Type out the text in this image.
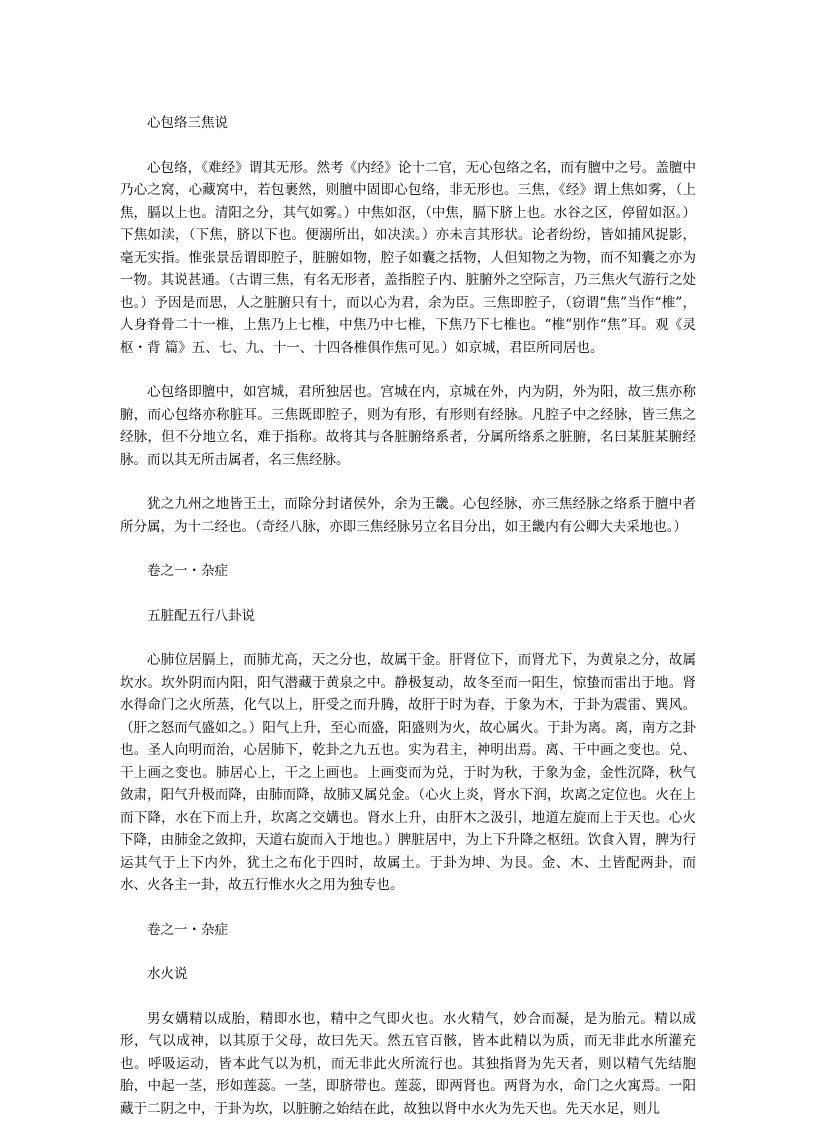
心包络三焦说

心包络，《难经》谓其无形。然考《内经》论十二官，无心包络之名，而有膻中之号。盖膻中乃心之窝，心藏窝中，若包裹然，则膻中固即心包络，非无形也。三焦，《经》谓上焦如雾，（上焦，膈以上也。清阳之分，其气如雾。）中焦如沤，（中焦，膈下脐上也。水谷之区，停留如沤。）下焦如渎，（下焦，脐以下也。便溺所出，如决渎。）亦未言其形状。论者纷纷，皆如捕风捉影，毫无实指。惟张景岳谓即腔子，脏腑如物，腔子如囊之括物，人但知物之为物，而不知囊之亦为一物。其说甚通。（古谓三焦，有名无形者，盖指腔子内、脏腑外之空际言，乃三焦火气游行之处也。）予因是而思，人之脏腑只有十，而以心为君，余为臣。三焦即腔子，（窃谓“焦”当作“椎”，人身脊骨二十一椎，上焦乃上七椎，中焦乃中七椎，下焦乃下七椎也。“椎”别作“焦”耳。观《灵枢・背 篇》五、七、九、十一、十四各椎俱作焦可见。）如京城，君臣所同居也。

心包络即膻中，如宫城，君所独居也。宫城在内，京城在外，内为阴，外为阳，故三焦亦称腑，而心包络亦称脏耳。三焦既即腔子，则为有形，有形则有经脉。凡腔子中之经脉，皆三焦之经脉，但不分地立名，难于指称。故将其与各脏腑络系者，分属所络系之脏腑，名曰某脏某腑经脉。而以其无所击属者，名三焦经脉。

犹之九州之地皆王土，而除分封诸侯外，余为王畿。心包经脉，亦三焦经脉之络系于膻中者所分属，为十二经也。（奇经八脉，亦即三焦经脉另立名目分出，如王畿内有公卿大夫采地也。）

卷之一・杂症

五脏配五行八卦说

心肺位居膈上，而肺尤高，天之分也，故属干金。肝肾位下，而肾尤下，为黄泉之分，故属坎水。坎外阴而内阳，阳气潜藏于黄泉之中。静极复动，故冬至而一阳生，惊蛰而雷出于地。肾水得命门之火所蒸，化气以上，肝受之而升腾，故肝于时为春，于象为木，于卦为震雷、巽风。（肝之怒而气盛如之。）阳气上升，至心而盛，阳盛则为火，故心属火。于卦为离。离，南方之卦也。圣人向明而治，心居肺下，乾卦之九五也。实为君主，神明出焉。离、干中画之变也。兑、干上画之变也。肺居心上，干之上画也。上画变而为兑，于时为秋，于象为金，金性沉降，秋气敛肃，阳气升极而降，由肺而降，故肺又属兑金。（心火上炎，肾水下润，坎离之定位也。火在上而下降，水在下而上升，坎离之交媾也。肾水上升，由肝木之汲引，地道左旋而上于天也。心火下降，由肺金之敛抑，天道右旋而入于地也。）脾脏居中，为上下升降之枢纽。饮食入胃，脾为行运其气于上下内外，犹土之布化于四时，故属土。于卦为坤、为艮。金、木、土皆配两卦，而水、火各主一卦，故五行惟水火之用为独专也。

卷之一・杂症

水火说

男女媾精以成胎，精即水也，精中之气即火也。水火精气，妙合而凝，是为胎元。精以成形，气以成神，以其原于父母，故曰先天。然五官百骸，皆本此精以为质，而无非此水所灌充也。呼吸运动，皆本此气以为机，而无非此火所流行也。其独指肾为先天者，则以精气先结胞胎，中起一茎，形如莲蕊。一茎，即脐带也。莲蕊，即两肾也。两肾为水，命门之火寓焉。一阳藏于二阴之中，于卦为坎，以脏腑之始结在此，故独以肾中水火为先天也。先天水足，则儿
